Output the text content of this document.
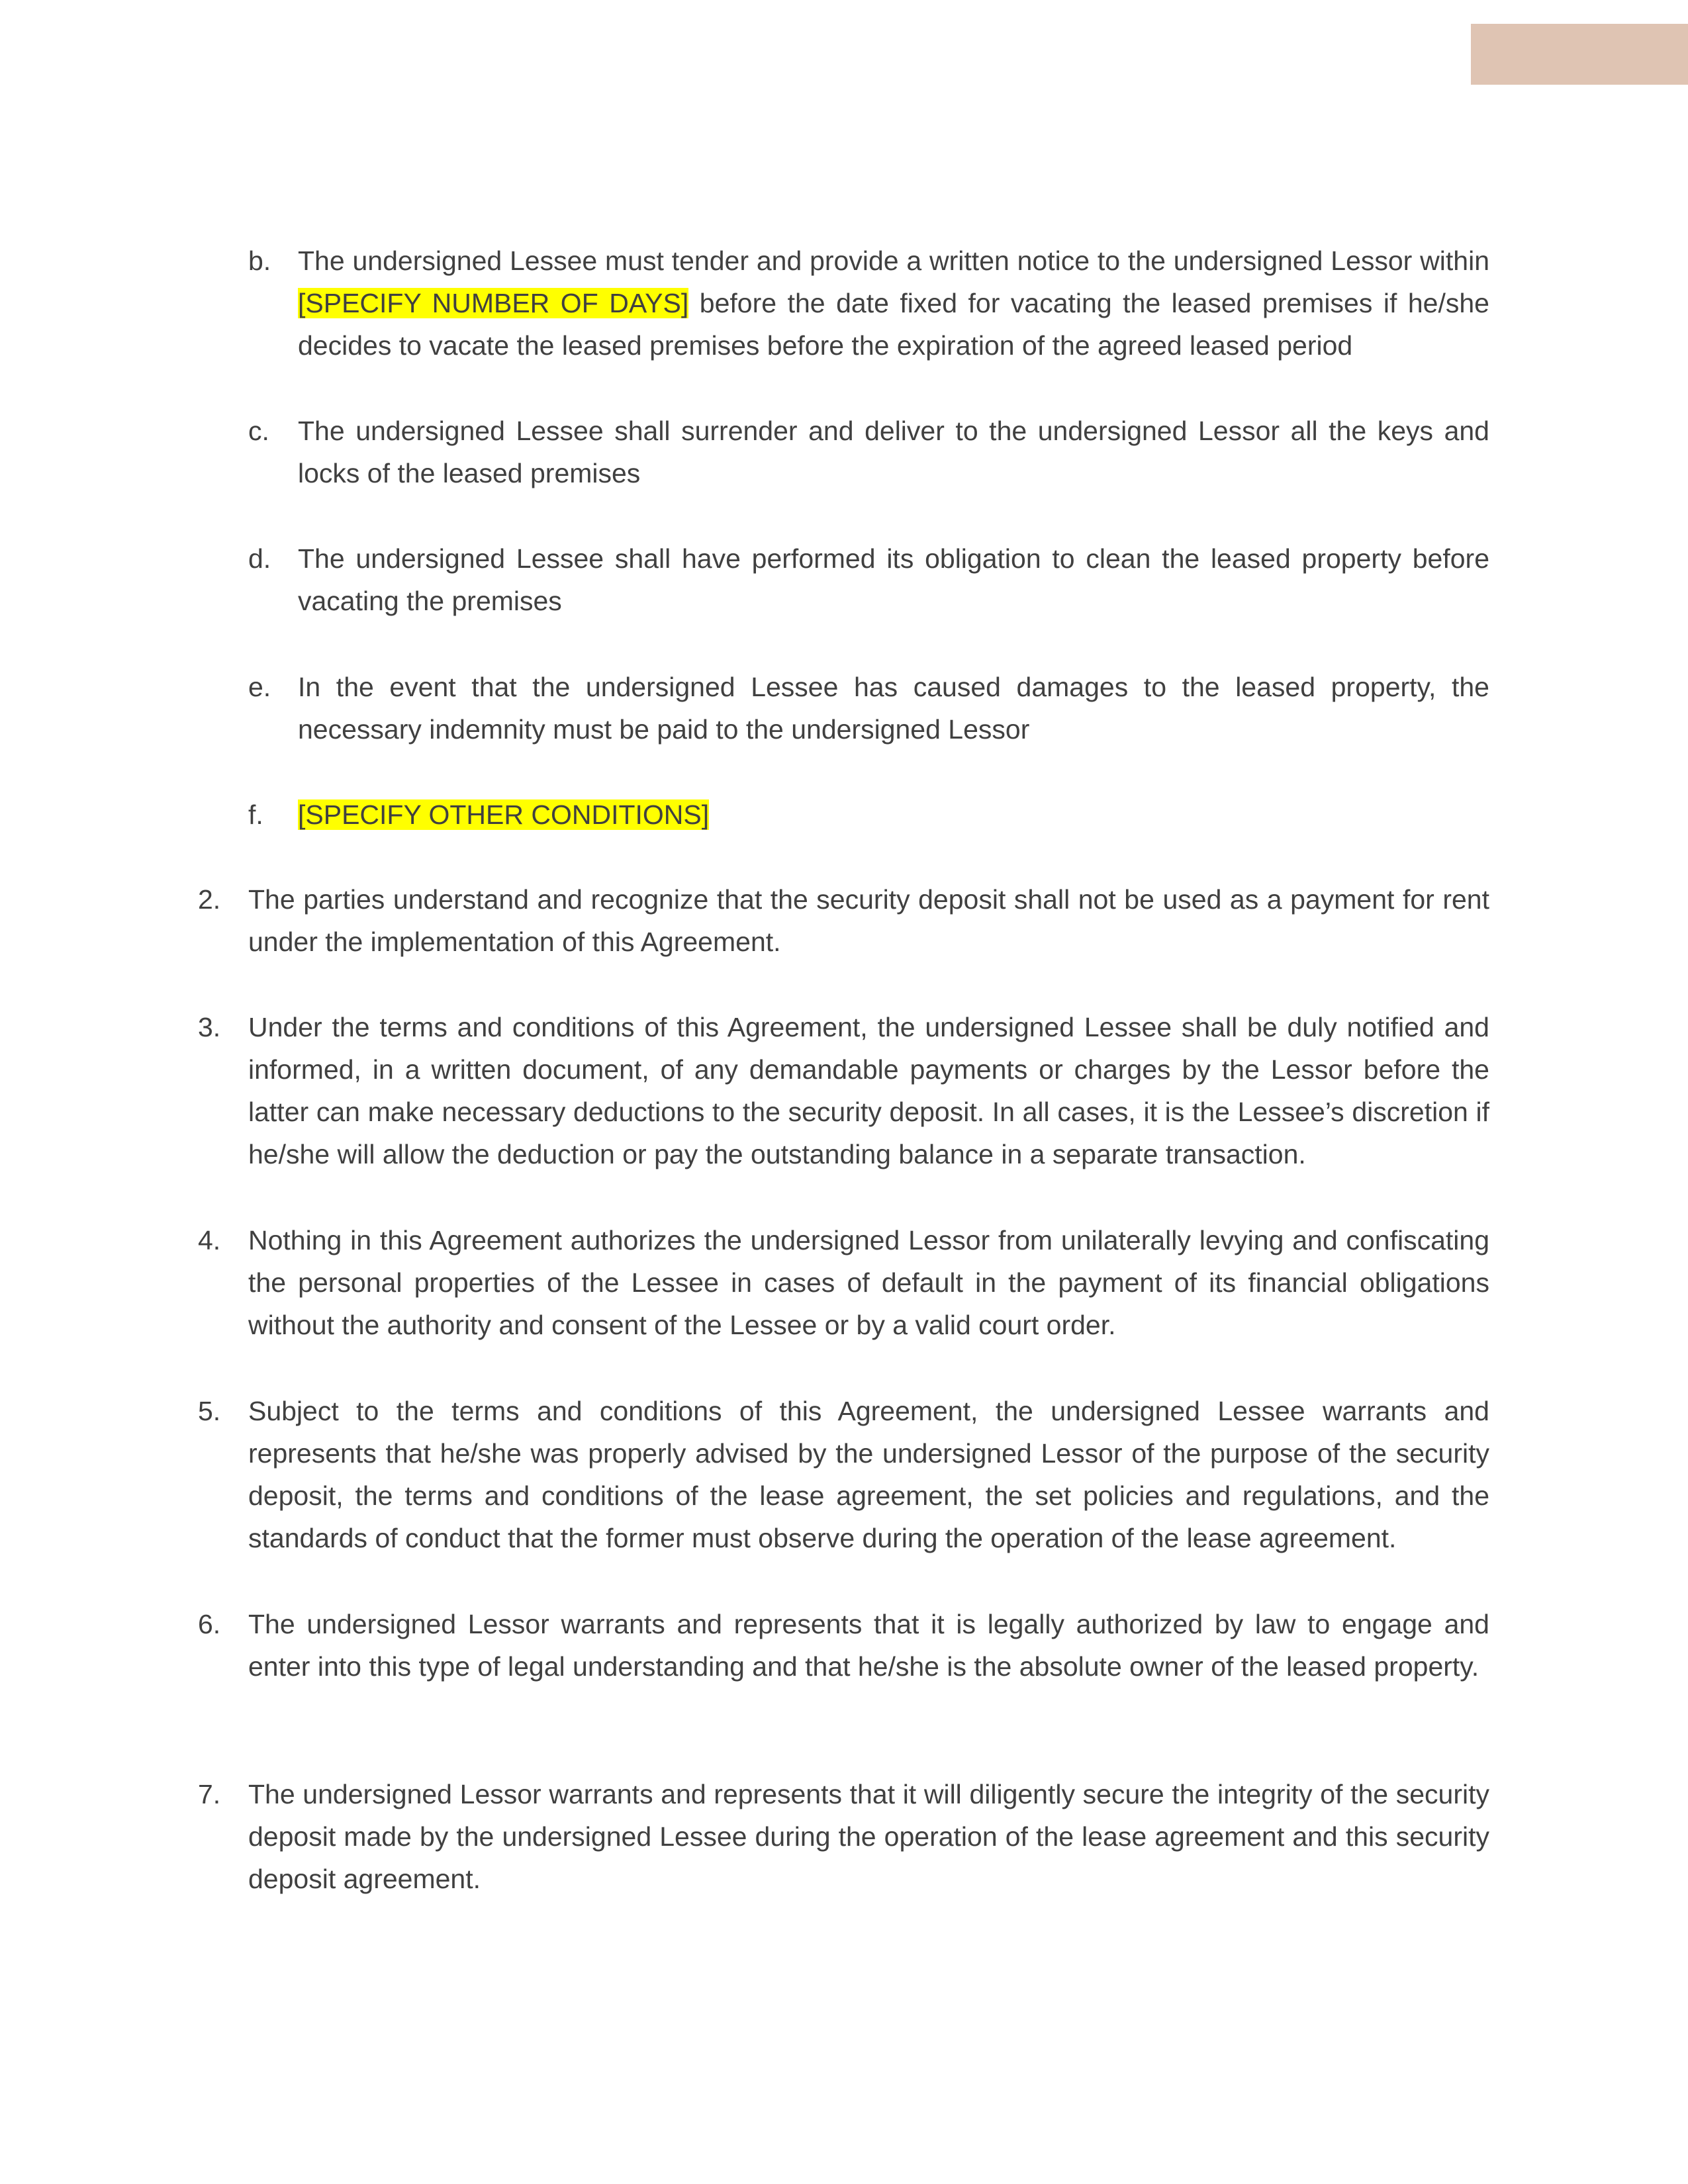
b. The undersigned Lessee must tender and provide a written notice to the undersigned Lessor within [SPECIFY NUMBER OF DAYS] before the date fixed for vacating the leased premises if he/she decides to vacate the leased premises before the expiration of the agreed leased period
c.	The undersigned Lessee shall surrender and deliver to the undersigned Lessor all the keys and locks of the leased premises
d. The undersigned Lessee shall have performed its obligation to clean the leased property before vacating the premises
e. In the event that the undersigned Lessee has caused damages to the leased property, the necessary indemnity must be paid to the undersigned Lessor
f.	[SPECIFY OTHER CONDITIONS]
2.	The parties understand and recognize that the security deposit shall not be used as a payment for rent under the implementation of this Agreement.
3.	Under the terms and conditions of this Agreement, the undersigned Lessee shall be duly notified and informed, in a written document, of any demandable payments or charges by the Lessor before the latter can make necessary deductions to the security deposit. In all cases, it is the Lessee’s discretion if he/she will allow the deduction or pay the outstanding balance in a separate transaction.
4.	Nothing in this Agreement authorizes the undersigned Lessor from unilaterally levying and confiscating the personal properties of the Lessee in cases of default in the payment of its financial obligations without the authority and consent of the Lessee or by a valid court order.
5.	Subject to the terms and conditions of this Agreement, the undersigned Lessee warrants and represents that he/she was properly advised by the undersigned Lessor of the purpose of the security deposit, the terms and conditions of the lease agreement, the set policies and regulations, and the standards of conduct that the former must observe during the operation of the lease agreement.
6.	The undersigned Lessor warrants and represents that it is legally authorized by law to engage and enter into this type of legal understanding and that he/she is the absolute owner of the leased property.
7.	The undersigned Lessor warrants and represents that it will diligently secure the integrity of the security deposit made by the undersigned Lessee during the operation of the lease agreement and this security deposit agreement.
